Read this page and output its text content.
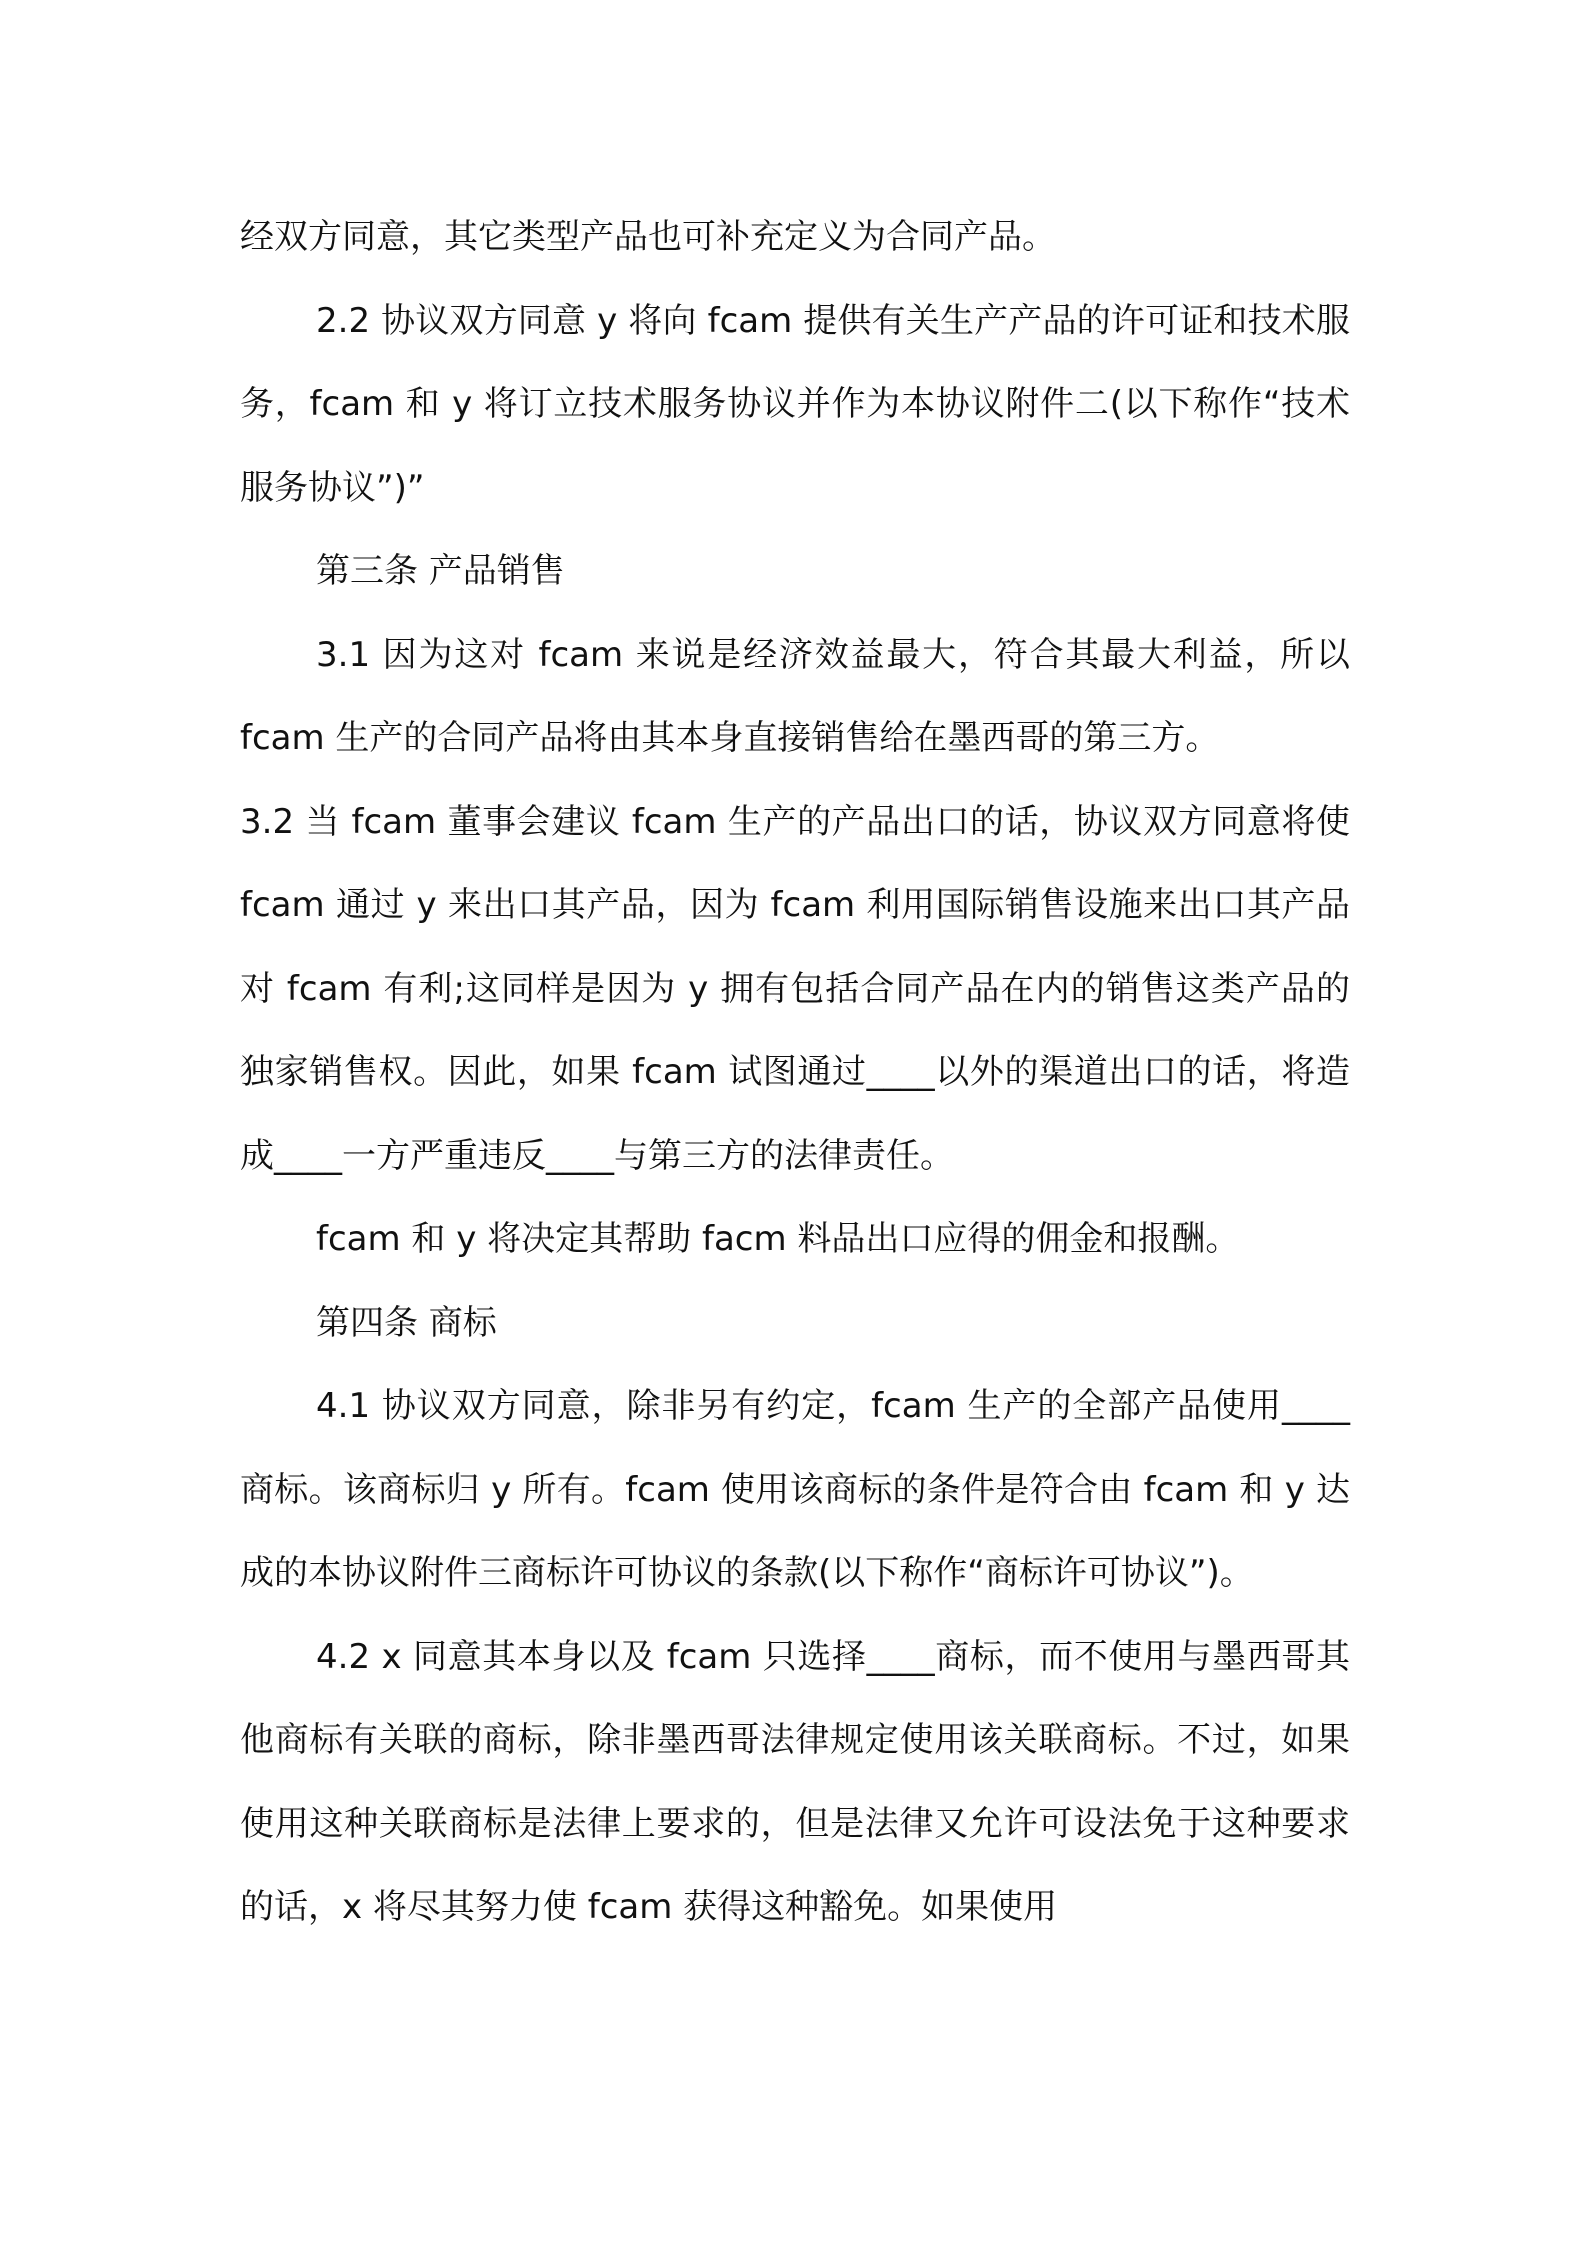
经双方同意，其它类型产品也可补充定义为合同产品。

2.2 协议双方同意 y 将向 fcam 提供有关生产产品的许可证和技术服务，fcam 和 y 将订立技术服务协议并作为本协议附件二(以下称作“技术服务协议”)”

第三条 产品销售

3.1 因为这对 fcam 来说是经济效益最大，符合其最大利益，所以 fcam 生产的合同产品将由其本身直接销售给在墨西哥的第三方。

3.2 当 fcam 董事会建议 fcam 生产的产品出口的话，协议双方同意将使 fcam 通过 y 来出口其产品，因为 fcam 利用国际销售设施来出口其产品对 fcam 有利;这同样是因为 y 拥有包括合同产品在内的销售这类产品的独家销售权。因此，如果 fcam 试图通过____以外的渠道出口的话，将造成____一方严重违反____与第三方的法律责任。

fcam 和 y 将决定其帮助 facm 料品出口应得的佣金和报酬。

第四条 商标

4.1 协议双方同意，除非另有约定，fcam 生产的全部产品使用____商标。该商标归 y 所有。fcam 使用该商标的条件是符合由 fcam 和 y 达成的本协议附件三商标许可协议的条款(以下称作“商标许可协议”)。

4.2 x 同意其本身以及 fcam 只选择____商标，而不使用与墨西哥其他商标有关联的商标，除非墨西哥法律规定使用该关联商标。不过，如果使用这种关联商标是法律上要求的，但是法律又允许可设法免于这种要求的话，x 将尽其努力使 fcam 获得这种豁免。如果使用
